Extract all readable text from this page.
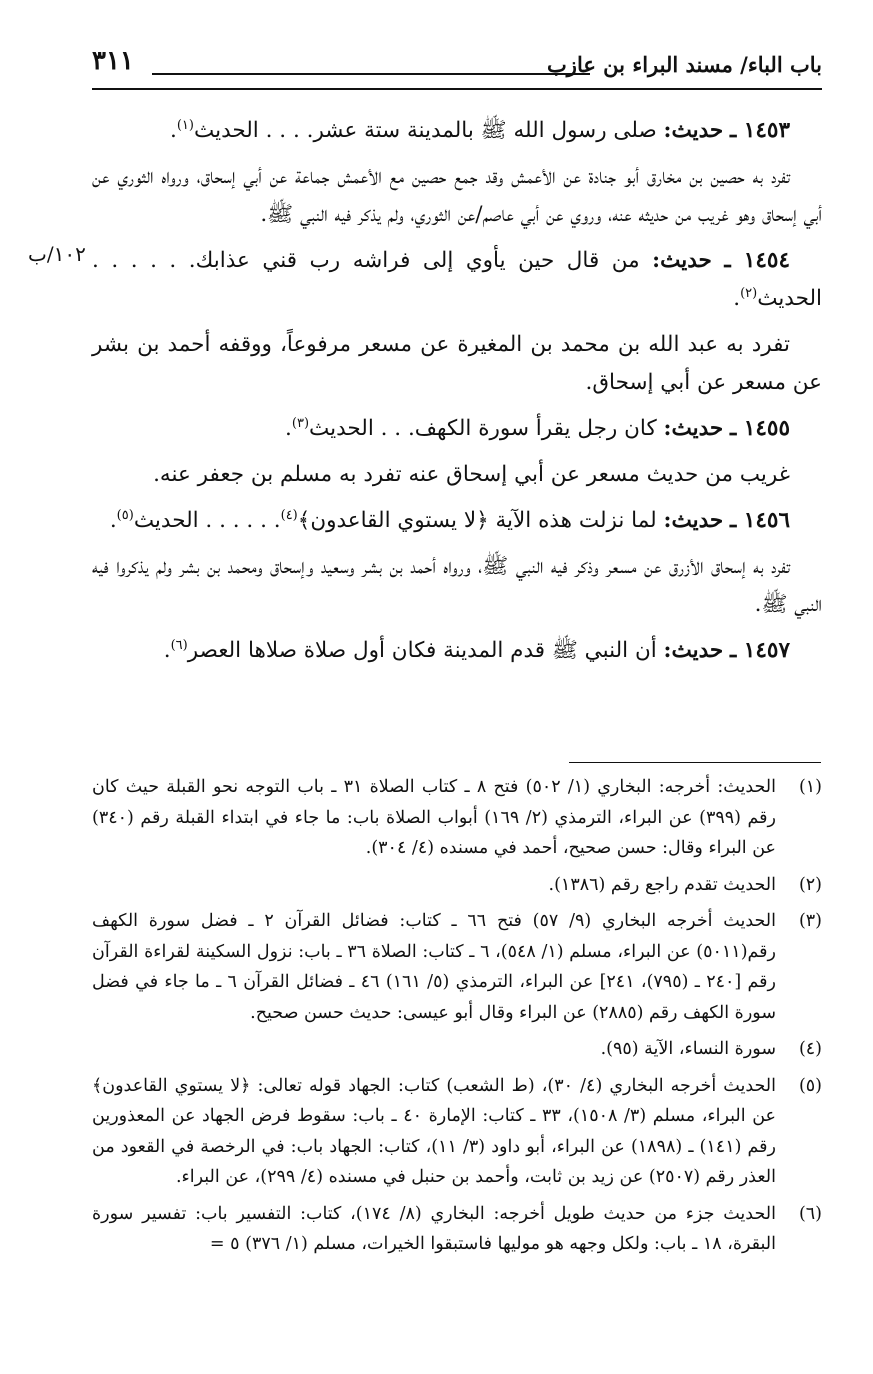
باب الباء/ مسند البراء بن عازب
٣١١
١٠٢/ب

١٤٥٣ ـ حديث: صلى رسول الله ﷺ بالمدينة ستة عشر. . . . الحديث$^{(١)}$.

تفرد به حصين بن مخارق أبو جنادة عن الأعمش وقد جمع حصين مع الأعمش جماعة عن أبي إسحاق، ورواه الثوري عن أبي إسحاق وهو غريب من حديثه عنه، وروي عن أبي عاصم/عن الثوري، ولم يذكر فيه النبي ﷺ.

١٤٥٤ ـ حديث: من قال حين يأوي إلى فراشه رب قني عذابك. . . . . . الحديث$^{(٢)}$.

تفرد به عبد الله بن محمد بن المغيرة عن مسعر مرفوعاً، ووقفه أحمد بن بشر عن مسعر عن أبي إسحاق.

١٤٥٥ ـ حديث: كان رجل يقرأ سورة الكهف. . . الحديث$^{(٣)}$.

غريب من حديث مسعر عن أبي إسحاق عنه تفرد به مسلم بن جعفر عنه.

١٤٥٦ ـ حديث: لما نزلت هذه الآية ﴿لا يستوي القاعدون﴾$^{(٤)}$. . . . . . الحديث$^{(٥)}$.

تفرد به إسحاق الأزرق عن مسعر وذكر فيه النبي ﷺ، ورواه أحمد بن بشر وسعيد وإسحاق ومحمد بن بشر ولم يذكروا فيه النبي ﷺ.

١٤٥٧ ـ حديث: أن النبي ﷺ قدم المدينة فكان أول صلاة صلاها العصر$^{(٦)}$.

(١)
الحديث: أخرجه: البخاري (١/ ٥٠٢) فتح ٨ ـ كتاب الصلاة ٣١ ـ باب التوجه نحو القبلة حيث كان رقم (٣٩٩) عن البراء، الترمذي (٢/ ١٦٩) أبواب الصلاة باب: ما جاء في ابتداء القبلة رقم (٣٤٠) عن البراء وقال: حسن صحيح، أحمد في مسنده (٤/ ٣٠٤).
(٢)
الحديث تقدم راجع رقم (١٣٨٦).
(٣)
الحديث أخرجه البخاري (٩/ ٥٧) فتح ٦٦ ـ كتاب: فضائل القرآن ٢ ـ فضل سورة الكهف رقم(٥٠١١) عن البراء، مسلم (١/ ٥٤٨)، ٦ ـ كتاب: الصلاة ٣٦ ـ باب: نزول السكينة لقراءة القرآن رقم [٢٤٠ ـ (٧٩٥)، ٢٤١] عن البراء، الترمذي (٥/ ١٦١) ٤٦ ـ فضائل القرآن ٦ ـ ما جاء في فضل سورة الكهف رقم (٢٨٨٥) عن البراء وقال أبو عيسى: حديث حسن صحيح.
(٤)
سورة النساء، الآية (٩٥).
(٥)
الحديث أخرجه البخاري (٤/ ٣٠)، (ط الشعب) كتاب: الجهاد قوله تعالى: ﴿لا يستوي القاعدون﴾ عن البراء، مسلم (٣/ ١٥٠٨)، ٣٣ ـ كتاب: الإمارة ٤٠ ـ باب: سقوط فرض الجهاد عن المعذورين رقم (١٤١) ـ (١٨٩٨) عن البراء، أبو داود (٣/ ١١)، كتاب: الجهاد باب: في الرخصة في القعود من العذر رقم (٢٥٠٧) عن زيد بن ثابت، وأحمد بن حنبل في مسنده (٤/ ٢٩٩)، عن البراء.
(٦)
الحديث جزء من حديث طويل أخرجه: البخاري (٨/ ١٧٤)، كتاب: التفسير باب: تفسير سورة البقرة، ١٨ ـ باب: ولكل وجهه هو موليها فاستبقوا الخيرات، مسلم (١/ ٣٧٦) ٥ =
